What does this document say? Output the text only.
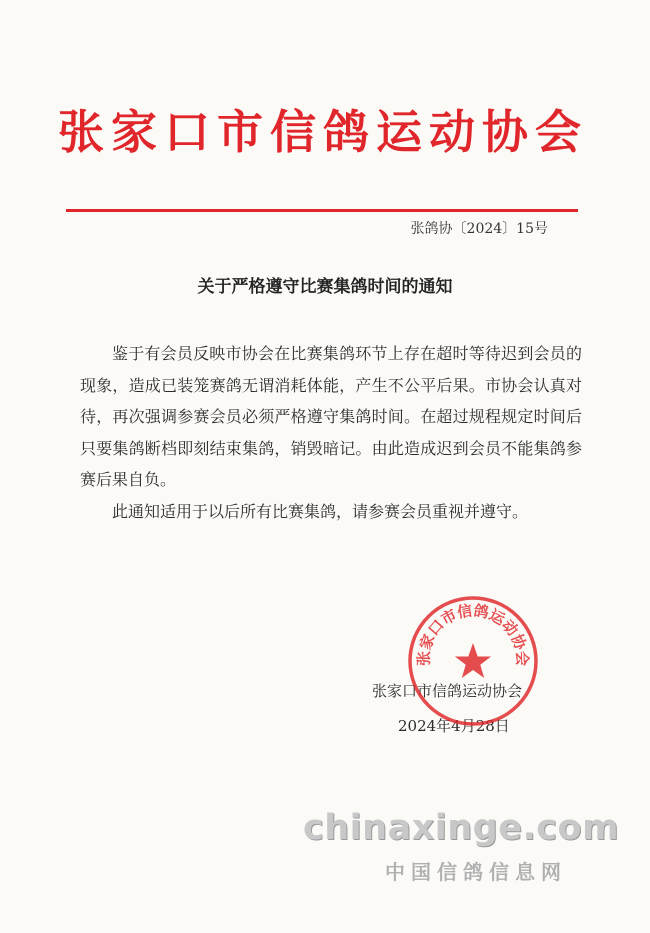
张家口市信鸽运动协会
张鸽协〔2024〕15号
关于严格遵守比赛集鸽时间的通知

鉴于有会员反映市协会在比赛集鸽环节上存在超时等待迟到会员的现象，造成已装笼赛鸽无谓消耗体能，产生不公平后果。市协会认真对待，再次强调参赛会员必须严格遵守集鸽时间。在超过规程规定时间后只要集鸽断档即刻结束集鸽，销毁暗记。由此造成迟到会员不能集鸽参赛后果自负。

此通知适用于以后所有比赛集鸽，请参赛会员重视并遵守。

张家口市信鸽运动协会
2024年4月28日
张家口市信鸽运动协会
chinaxinge.com
中国信鸽信息网
